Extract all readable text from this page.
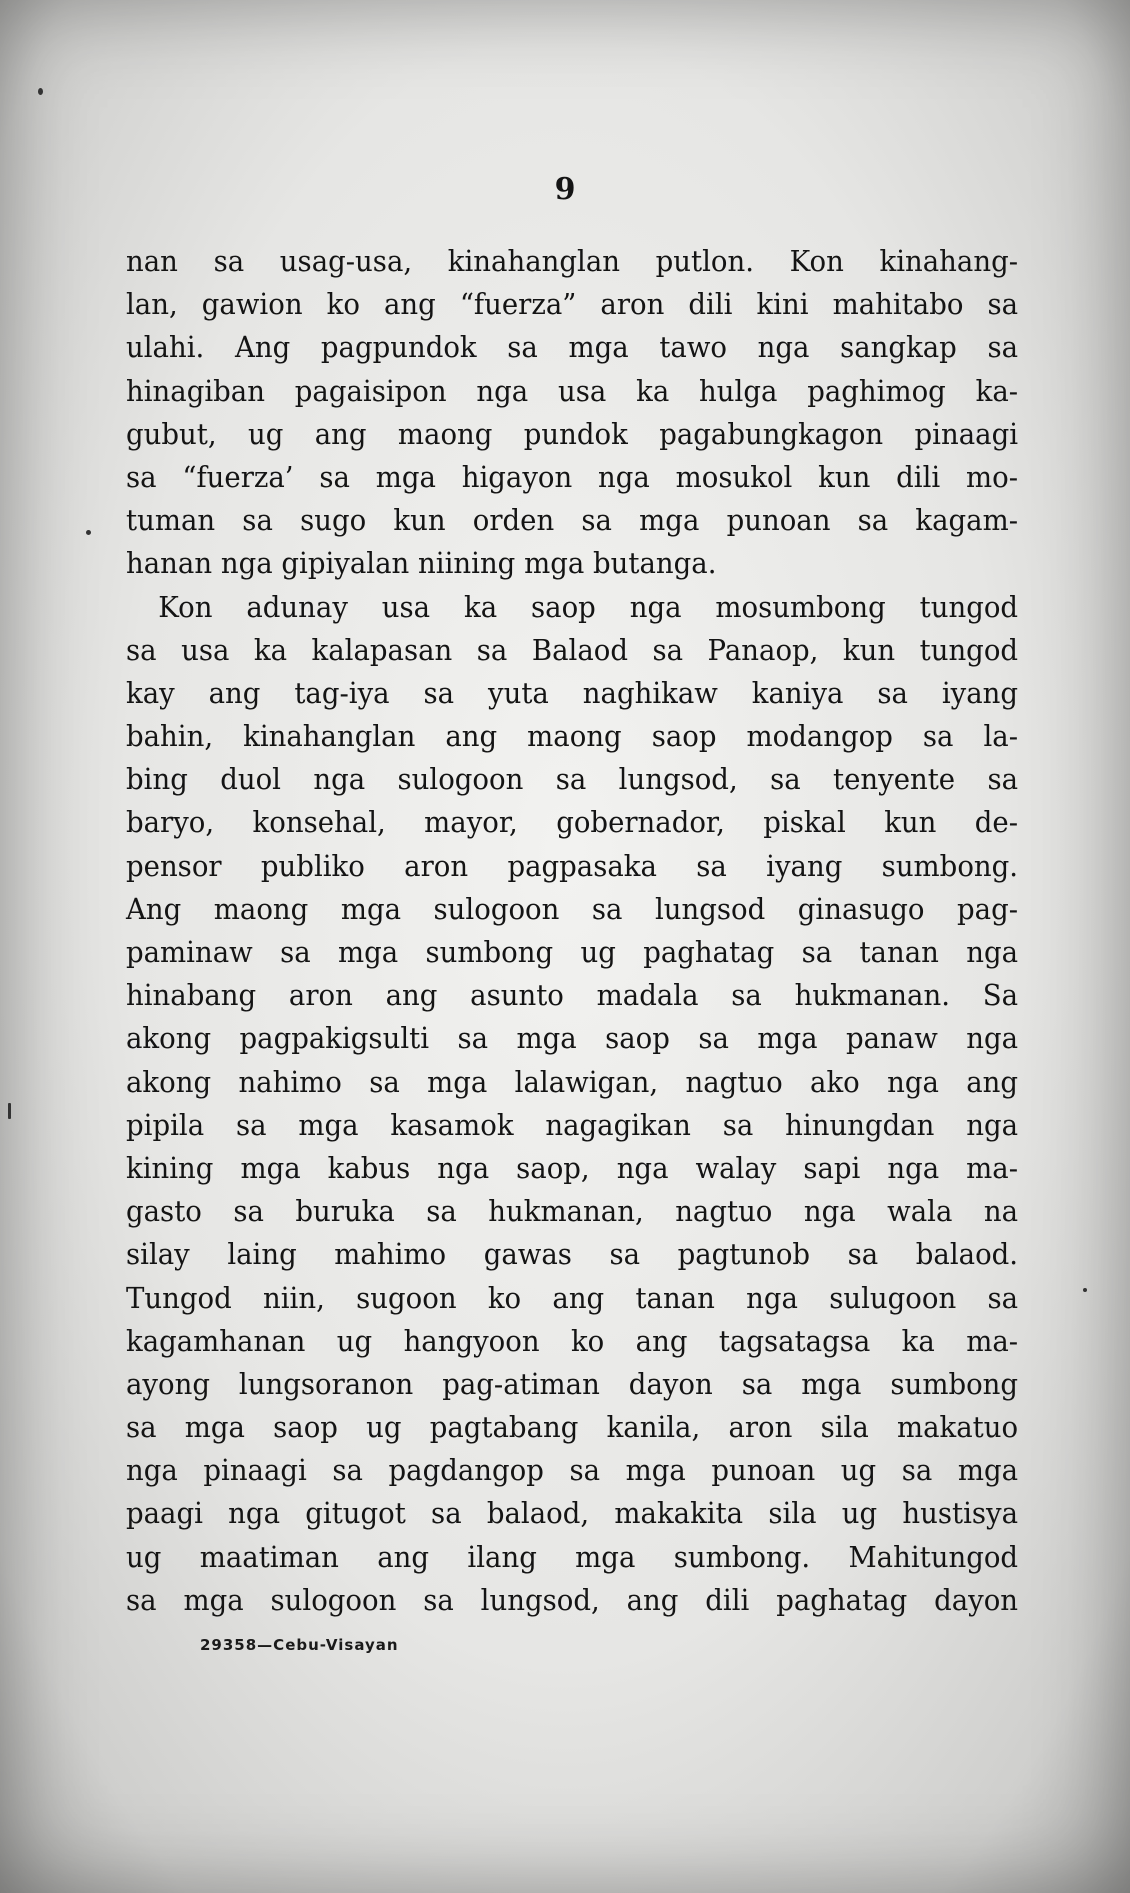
9
nan sa usag-usa, kinahanglan putlon. Kon kinahang-
lan, gawion ko ang “fuerza” aron dili kini mahitabo sa
ulahi. Ang pagpundok sa mga tawo nga sangkap sa
hinagiban pagaisipon nga usa ka hulga paghimog ka-
gubut, ug ang maong pundok pagabungkagon pinaagi
sa “fuerza’ sa mga higayon nga mosukol kun dili mo-
tuman sa sugo kun orden sa mga punoan sa kagam-
hanan nga gipiyalan niining mga butanga.
Kon adunay usa ka saop nga mosumbong tungod
sa usa ka kalapasan sa Balaod sa Panaop, kun tungod
kay ang tag-iya sa yuta naghikaw kaniya sa iyang
bahin, kinahanglan ang maong saop modangop sa la-
bing duol nga sulogoon sa lungsod, sa tenyente sa
baryo, konsehal, mayor, gobernador, piskal kun de-
pensor publiko aron pagpasaka sa iyang sumbong.
Ang maong mga sulogoon sa lungsod ginasugo pag-
paminaw sa mga sumbong ug paghatag sa tanan nga
hinabang aron ang asunto madala sa hukmanan. Sa
akong pagpakigsulti sa mga saop sa mga panaw nga
akong nahimo sa mga lalawigan, nagtuo ako nga ang
pipila sa mga kasamok nagagikan sa hinungdan nga
kining mga kabus nga saop, nga walay sapi nga ma-
gasto sa buruka sa hukmanan, nagtuo nga wala na
silay laing mahimo gawas sa pagtunob sa balaod.
Tungod niin, sugoon ko ang tanan nga sulugoon sa
kagamhanan ug hangyoon ko ang tagsatagsa ka ma-
ayong lungsoranon pag-atiman dayon sa mga sumbong
sa mga saop ug pagtabang kanila, aron sila makatuo
nga pinaagi sa pagdangop sa mga punoan ug sa mga
paagi nga gitugot sa balaod, makakita sila ug hustisya
ug maatiman ang ilang mga sumbong. Mahitungod
sa mga sulogoon sa lungsod, ang dili paghatag dayon
29358—Cebu-Visayan
